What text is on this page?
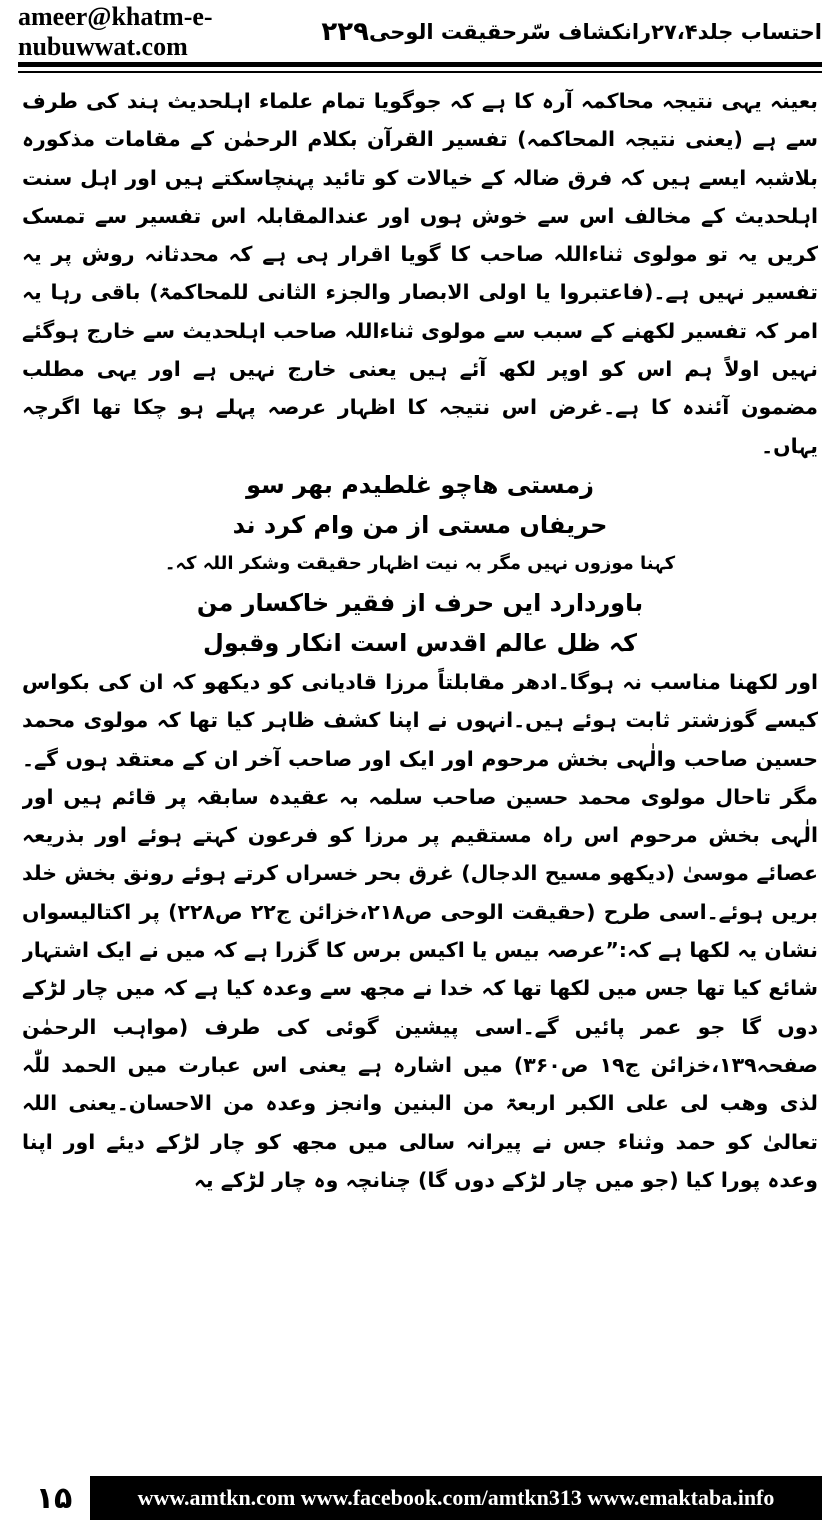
ameer@khatm-e-nubuwwat.com	۲۲۹ احتساب جلد۲۷،۴رانکشاف سّرحقیقت الوحی

بعینہ یہی نتیجہ محاکمہ آرہ کا ہے کہ جوگویا تمام علماء اہلحدیث ہند کی طرف سے ہے (یعنی نتیجہ المحاکمہ) تفسیر القرآن بکلام الرحمٰن کے مقامات مذکورہ بلاشبہ ایسے ہیں کہ فرق ضالہ کے خیالات کو تائید پہنچاسکتے ہیں اور اہل سنت اہلحدیث کے مخالف اس سے خوش ہوں اور عندالمقابلہ اس تفسیر سے تمسک کریں یہ تو مولوی ثناءاللہ صاحب کا گویا اقرار ہی ہے کہ محدثانہ روش پر یہ تفسیر نہیں ہے۔(فاعتبروا یا اولی الابصار والجزء الثانی للمحاکمۃ) باقی رہا یہ امر کہ تفسیر لکھنے کے سبب سے مولوی ثناءاللہ صاحب اہلحدیث سے خارج ہوگئے نہیں اولاً ہم اس کو اوپر لکھ آئے ہیں یعنی خارج نہیں ہے اور یہی مطلب مضمون آئندہ کا ہے۔غرض اس نتیجہ کا اظہار عرصہ پہلے ہو چکا تھا اگرچہ یہاں۔

زمستی ھاچو غلطیدم بھر سو

حریفاں مستی از من وام کرد ند

کہنا موزوں نہیں مگر بہ نیت اظہار حقیقت وشکر اللہ کہ۔

باوردارد ایں حرف از فقیر خاکسار من

کہ ظل عالم اقدس است انکار وقبول

اور لکھنا مناسب نہ ہوگا۔ادھر مقابلتاً مرزا قادیانی کو دیکھو کہ ان کی بکواس کیسے گوزشتر ثابت ہوئے ہیں۔انہوں نے اپنا کشف ظاہر کیا تھا کہ مولوی محمد حسین صاحب والٰہی بخش مرحوم اور ایک اور صاحب آخر ان کے معتقد ہوں گے۔مگر تاحال مولوی محمد حسین صاحب سلمہ بہ عقیدہ سابقہ پر قائم ہیں اور الٰہی بخش مرحوم اس راہ مستقیم پر مرزا کو فرعون کہتے ہوئے اور بذریعہ عصائے موسیٰ (دیکھو مسیح الدجال) غرق بحر خسراں کرتے ہوئے رونق بخش خلد بریں ہوئے۔اسی طرح (حقیقت الوحی ص۲۱۸،خزائن ج۲۲ ص۲۲۸) پر اکتالیسواں نشان یہ لکھا ہے کہ:”عرصہ بیس یا اکیس برس کا گزرا ہے کہ میں نے ایک اشتہار شائع کیا تھا جس میں لکھا تھا کہ خدا نے مجھ سے وعدہ کیا ہے کہ میں چار لڑکے دوں گا جو عمر پائیں گے۔اسی پیشین گوئی کی طرف (مواہب الرحمٰن صفحہ۱۳۹،خزائن ج۱۹ ص۳۶۰) میں اشارہ ہے یعنی اس عبارت میں الحمد للّٰہ لذی وھب لی علی الکبر اربعۃ من البنین وانجز وعدہ من الاحسان۔یعنی اللہ تعالیٰ کو حمد وثناء جس نے پیرانہ سالی میں مجھ کو چار لڑکے دیئے اور اپنا وعدہ پورا کیا (جو میں چار لڑکے دوں گا) چنانچہ وہ چار لڑکے یہ

۱۵	www.amtkn.com www.facebook.com/amtkn313 www.emaktaba.info
